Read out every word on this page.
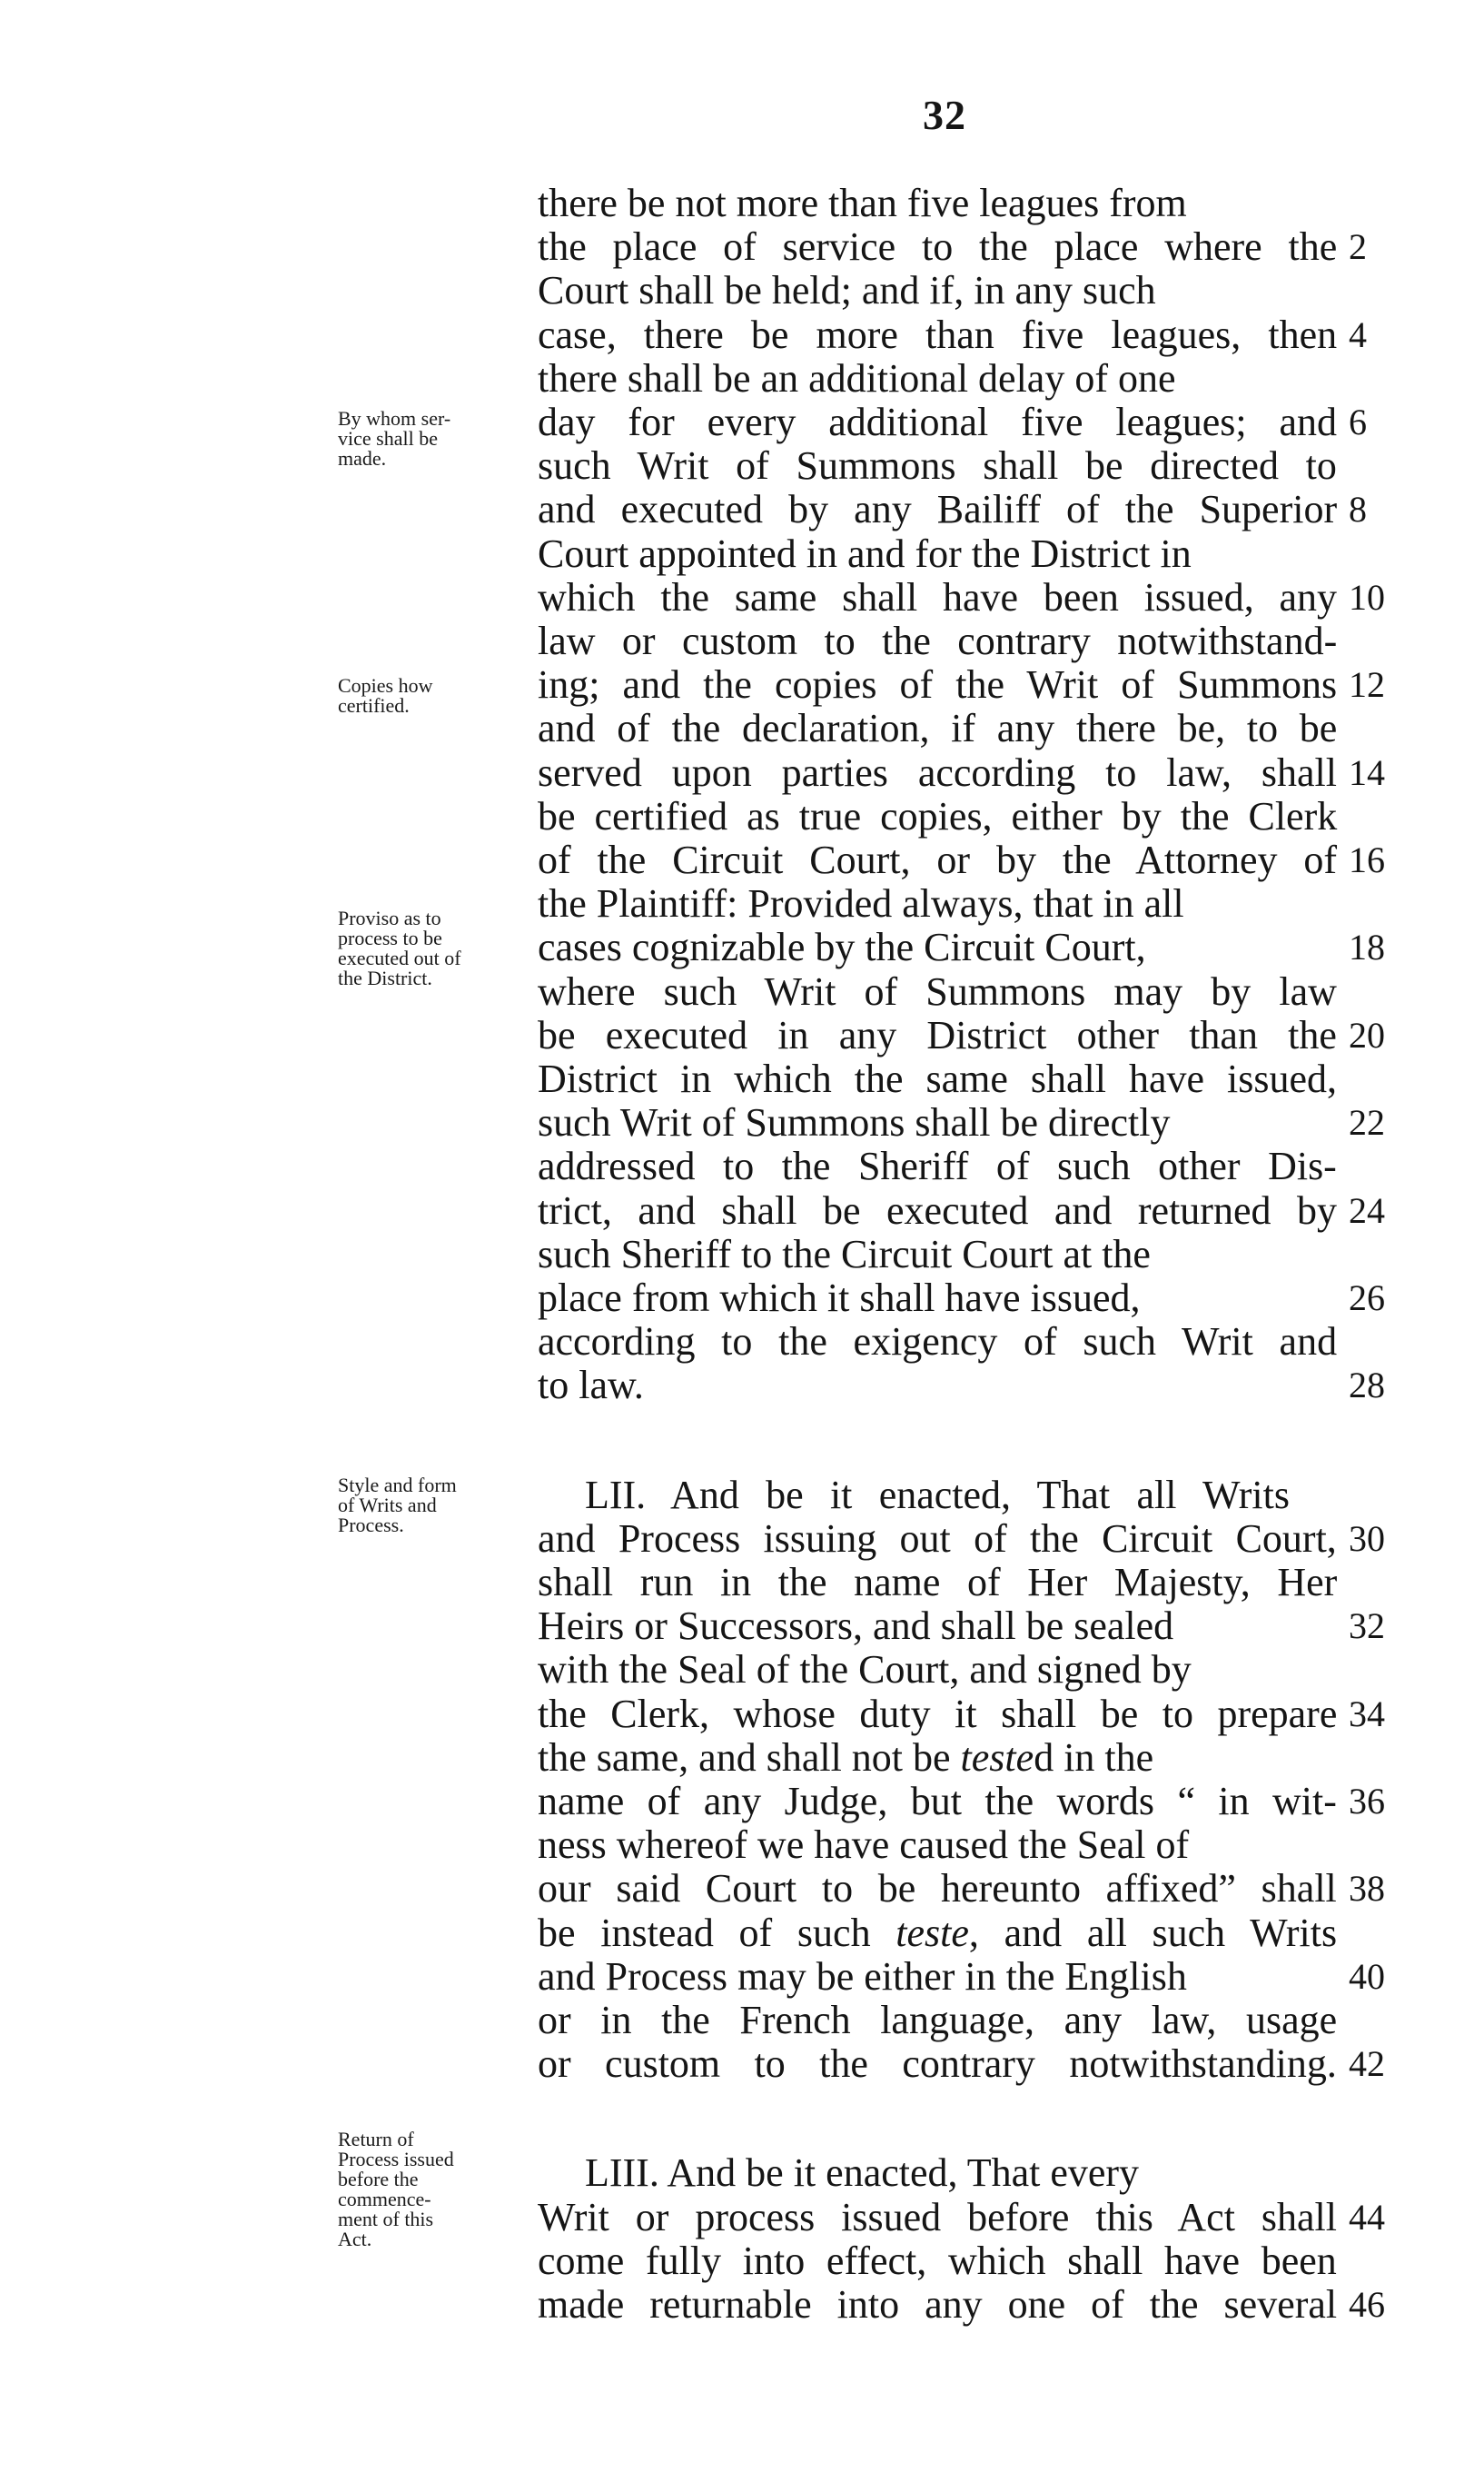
32
By whom ser-
vice shall be
made.
Copies how
certified.
Proviso as to
process to be
executed out of
the District.
Style and form
of Writs and
Process.
Return of
Process issued
before the
commence-
ment of this
Act.
there be not more than five leagues from
the place of service to the place where the 2
Court shall be held; and if, in any such
case, there be more than five leagues, then 4
there shall be an additional delay of one
day for every additional five leagues; and 6
such Writ of Summons shall be directed to
and executed by any Bailiff of the Superior 8
Court appointed in and for the District in
which the same shall have been issued, any 10
law or custom to the contrary notwithstand-
ing; and the copies of the Writ of Summons 12
and of the declaration, if any there be, to be
served upon parties according to law, shall 14
be certified as true copies, either by the Clerk
of the Circuit Court, or by the Attorney of 16
the Plaintiff: Provided always, that in all
cases cognizable by the Circuit Court,	18
where such Writ of Summons may by law
be executed in any District other than the 20
District in which the same shall have issued,
such Writ of Summons shall be directly	22
addressed to the Sheriff of such other Dis-
trict, and shall be executed and returned by 24
such Sheriff to the Circuit Court at the
place from which it shall have issued,	26
according to the exigency of such Writ and
to law.	28
LII. And be it enacted, That all Writs
and Process issuing out of the Circuit Court, 30
shall run in the name of Her Majesty, Her
Heirs or Successors, and shall be sealed	32
with the Seal of the Court, and signed by
the Clerk, whose duty it shall be to prepare 34
the same, and shall not be tested in the
name of any Judge, but the words “ in wit- 36
ness whereof we have caused the Seal of
our said Court to be hereunto affixed” shall 38
be instead of such teste, and all such Writs
and Process may be either in the English	40
or in the French language, any law, usage
or custom to the contrary notwithstanding. 42
LIII. And be it enacted, That every
Writ or process issued before this Act shall 44
come fully into effect, which shall have been
made returnable into any one of the several 46
